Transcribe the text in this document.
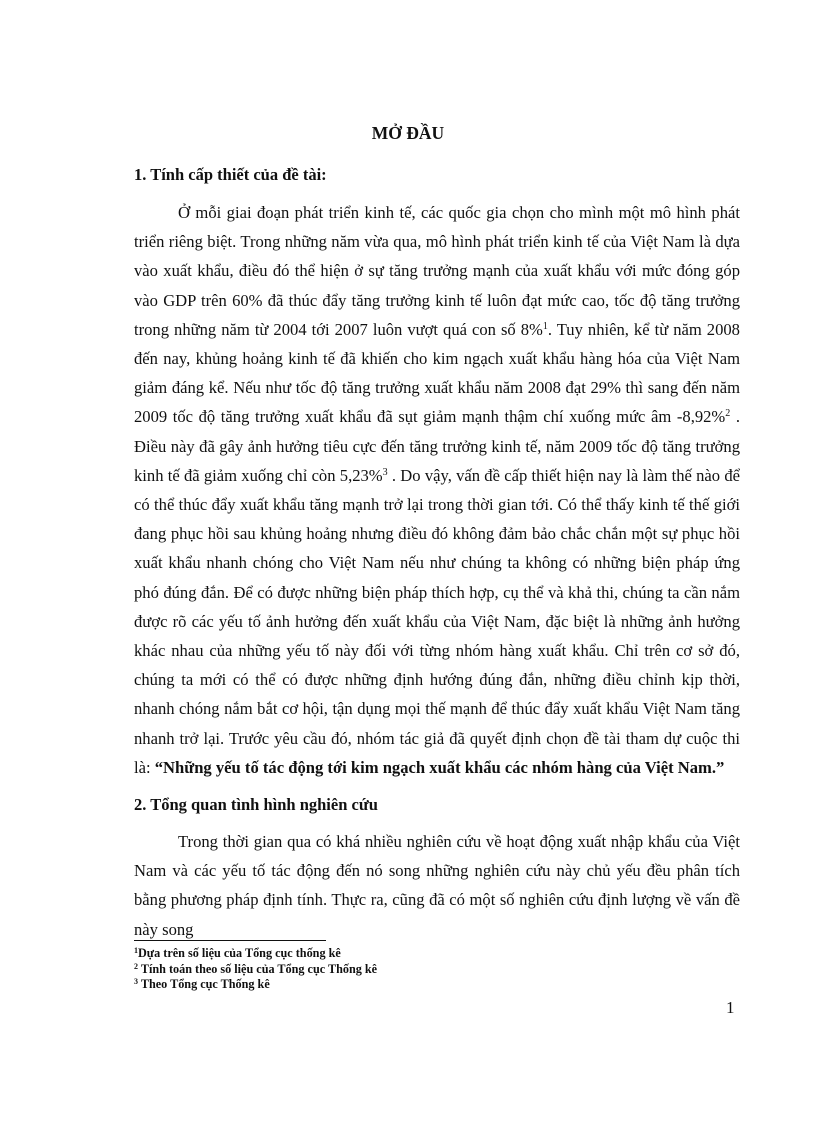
MỞ ĐẦU
1. Tính cấp thiết của đề tài:

Ở mỗi giai đoạn phát triển kinh tế, các quốc gia chọn cho mình một mô hình phát triển riêng biệt. Trong những năm vừa qua, mô hình phát triển kinh tế của Việt Nam là dựa vào xuất khẩu, điều đó thể hiện ở sự tăng trưởng mạnh của xuất khẩu với mức đóng góp vào GDP trên 60% đã thúc đẩy tăng trưởng kinh tế luôn đạt mức cao, tốc độ tăng trưởng trong những năm từ 2004 tới 2007 luôn vượt quá con số 8%$^1$. Tuy nhiên, kể từ năm 2008 đến nay, khủng hoảng kinh tế đã khiến cho kim ngạch xuất khẩu hàng hóa của Việt Nam giảm đáng kể. Nếu như tốc độ tăng trưởng xuất khẩu năm 2008 đạt 29% thì sang đến năm 2009 tốc độ tăng trưởng xuất khẩu đã sụt giảm mạnh thậm chí xuống mức âm -8,92%$^2$ . Điều này đã gây ảnh hưởng tiêu cực đến tăng trưởng kinh tế, năm 2009 tốc độ tăng trưởng kinh tế đã giảm xuống chỉ còn 5,23%$^3$ . Do vậy, vấn đề cấp thiết hiện nay là làm thế nào để có thể thúc đẩy xuất khẩu tăng mạnh trở lại trong thời gian tới. Có thể thấy kinh tế thế giới đang phục hồi sau khủng hoảng nhưng điều đó không đảm bảo chắc chắn một sự phục hồi xuất khẩu nhanh chóng cho Việt Nam nếu như chúng ta không có những biện pháp ứng phó đúng đắn. Để có được những biện pháp thích hợp, cụ thể và khả thi, chúng ta cần nắm được rõ các yếu tố ảnh hưởng đến xuất khẩu của Việt Nam, đặc biệt là những ảnh hưởng khác nhau của những yếu tố này đối với từng nhóm hàng xuất khẩu. Chỉ trên cơ sở đó, chúng ta mới có thể có được những định hướng đúng đắn, những điều chỉnh kịp thời, nhanh chóng nắm bắt cơ hội, tận dụng mọi thế mạnh để thúc đẩy xuất khẩu Việt Nam tăng nhanh trở lại. Trước yêu cầu đó, nhóm tác giả đã quyết định chọn đề tài tham dự cuộc thi là: “Những yếu tố tác động tới kim ngạch xuất khẩu các nhóm hàng của Việt Nam.”

2. Tổng quan tình hình nghiên cứu

Trong thời gian qua có khá nhiều nghiên cứu về hoạt động xuất nhập khẩu của Việt Nam và các yếu tố tác động đến nó song những nghiên cứu này chủ yếu đều phân tích bằng phương pháp định tính. Thực ra, cũng đã có một số nghiên cứu định lượng về vấn đề này song

$^1$Dựa trên số liệu của Tổng cục thống kê
$^2$ Tính toán theo số liệu của Tổng cục Thống kê
$^3$ Theo Tổng cục Thống kê
1
